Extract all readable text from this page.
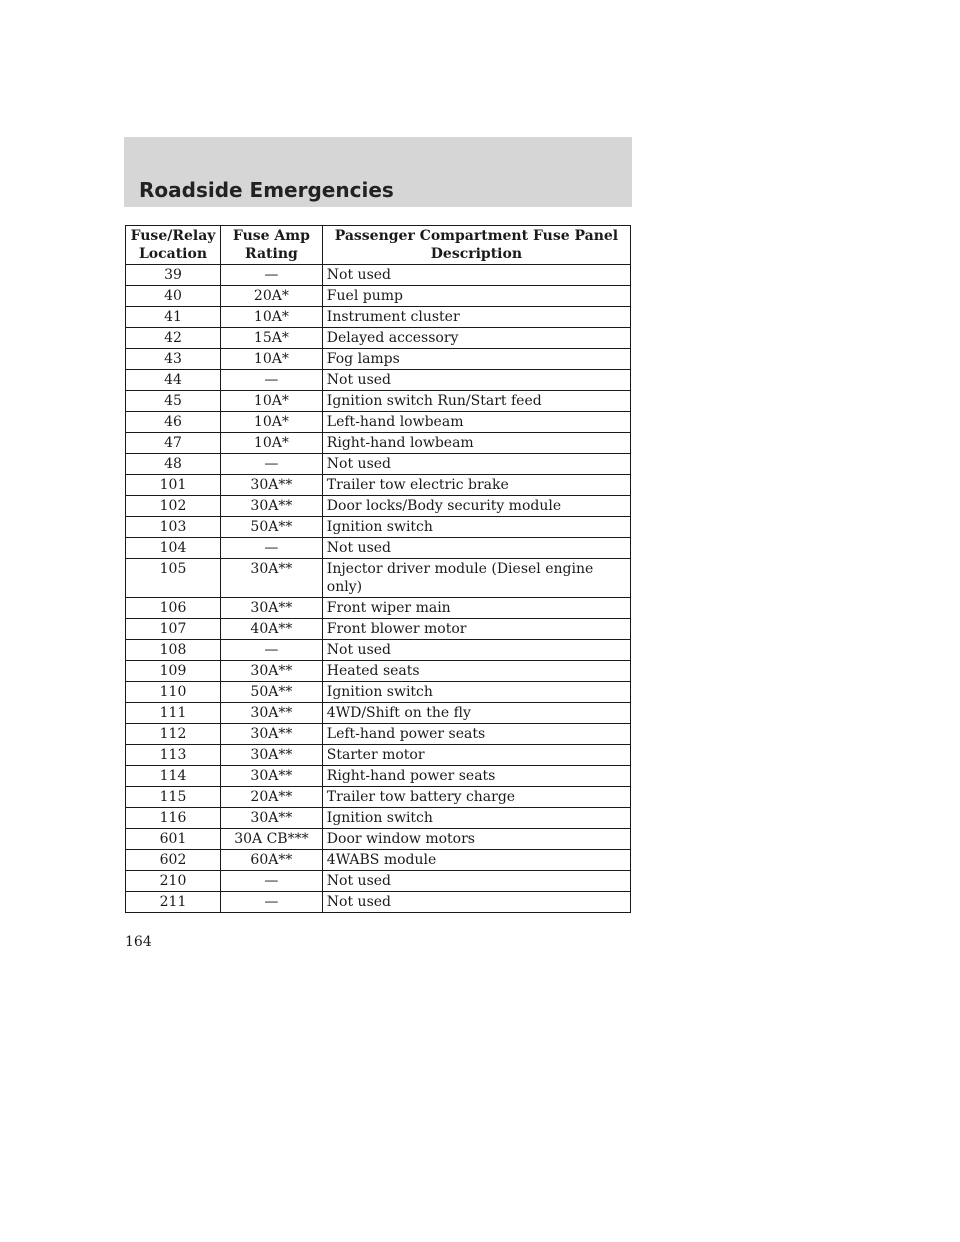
Roadside Emergencies
Fuse/Relay Location	Fuse Amp Rating	Passenger Compartment Fuse Panel Description
39	—	Not used
40	20A*	Fuel pump
41	10A*	Instrument cluster
42	15A*	Delayed accessory
43	10A*	Fog lamps
44	—	Not used
45	10A*	Ignition switch Run/Start feed
46	10A*	Left-hand lowbeam
47	10A*	Right-hand lowbeam
48	—	Not used
101	30A**	Trailer tow electric brake
102	30A**	Door locks/Body security module
103	50A**	Ignition switch
104	—	Not used
105	30A**	Injector driver module (Diesel engine only)
106	30A**	Front wiper main
107	40A**	Front blower motor
108	—	Not used
109	30A**	Heated seats
110	50A**	Ignition switch
111	30A**	4WD/Shift on the fly
112	30A**	Left-hand power seats
113	30A**	Starter motor
114	30A**	Right-hand power seats
115	20A**	Trailer tow battery charge
116	30A**	Ignition switch
601	30A CB***	Door window motors
602	60A**	4WABS module
210	—	Not used
211	—	Not used
164
